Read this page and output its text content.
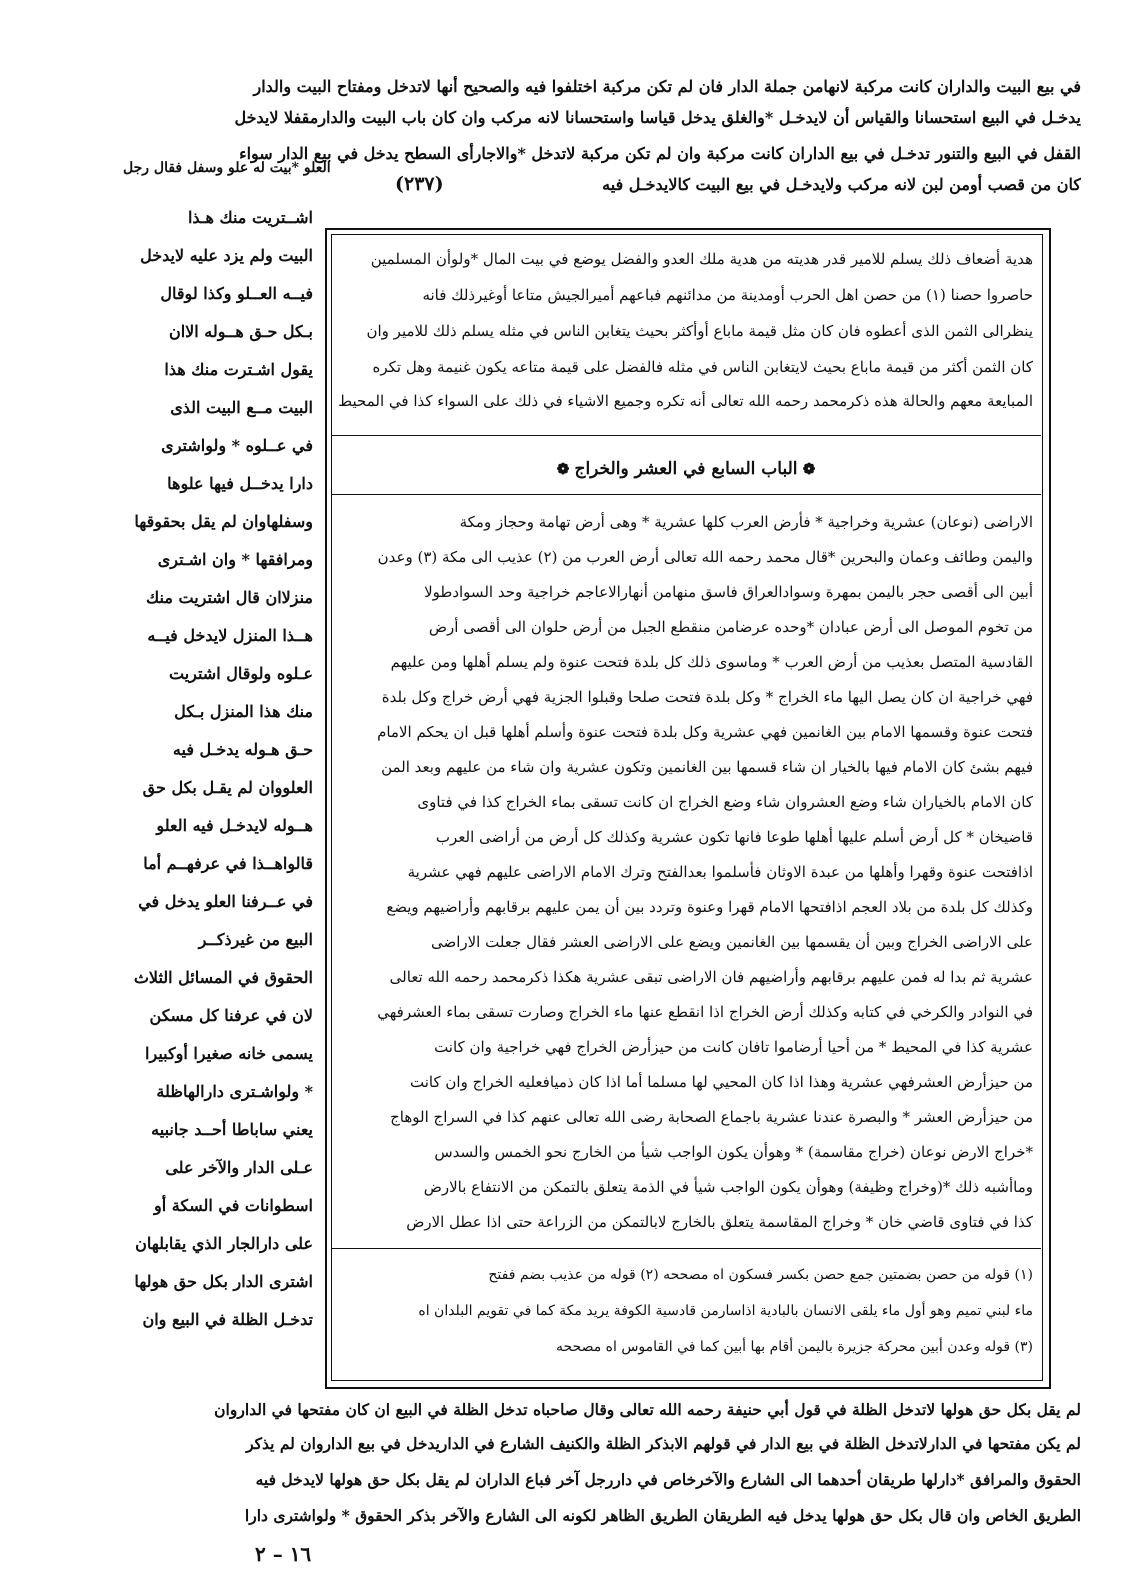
في بيع البيت والداران كانت مركبة لانهامن جملة الدار فان لم تكن مركبة اختلفوا فيه والصحيح أنها لاتدخل ومفتاح البيت والدار
يدخـل في البيع استحسانا والقياس أن لايدخـل *والغلق يدخل قياسا واستحسانا لانه مركب وان كان باب البيت والدارمقفلا لايدخل
القفل في البيع والتنور تدخـل في بيع الداران كانت مركبة وان لم تكن مركبة لاتدخل *والاجارأى السطح يدخل في بيع الدار سواء
كان من قصب أومن لبن لانه مركب ولايدخـل في بيع البيت كالايدخـل فيه
العلو *بيت له علو وسفل فقال رجل
(٢٣٧)
هدية أضعاف ذلك يسلم للامير قدر هديته من هدية ملك العدو والفضل يوضع في بيت المال *ولوأن المسلمين
حاصروا حصنا (١) من حصن اهل الحرب أومدينة من مدائنهم فباعهم أميرالجيش متاعا أوغيرذلك فانه
ينظرالى الثمن الذى أعطوه فان كان مثل قيمة ماباع أوأكثر بحيث يتغابن الناس في مثله يسلم ذلك للامير وان
كان الثمن أكثر من قيمة ماباع بحيث لايتغابن الناس في مثله فالفضل على قيمة متاعه يكون غنيمة وهل تكره
المبايعة معهم والحالة هذه ذكرمحمد رحمه الله تعالى أنه تكره وجميع الاشياء في ذلك على السواء كذا في المحيط
❁ الباب السابع في العشر والخراج ❁
الاراضى (نوعان) عشرية وخراجية * فأرض العرب كلها عشرية * وهى أرض تهامة وحجاز ومكة
واليمن وطائف وعمان والبحرين *قال محمد رحمه الله تعالى أرض العرب من (٢) عذيب الى مكة (٣) وعدن
أبين الى أقصى حجر باليمن بمهرة وسوادالعراق فاسق منهامن أنهارالاعاجم خراجية وحد السوادطولا
من تخوم الموصل الى أرض عبادان *وحده عرضامن منقطع الجبل من أرض حلوان الى أقصى أرض
القادسية المتصل بعذيب من أرض العرب * وماسوى ذلك كل بلدة فتحت عنوة ولم يسلم أهلها ومن عليهم
فهي خراجية ان كان يصل اليها ماء الخراج * وكل بلدة فتحت صلحا وقبلوا الجزية فهي أرض خراج وكل بلدة
فتحت عنوة وقسمها الامام بين الغانمين فهي عشرية وكل بلدة فتحت عنوة وأسلم أهلها قبل ان يحكم الامام
فيهم بشئ كان الامام فيها بالخيار ان شاء قسمها بين الغانمين وتكون عشرية وان شاء من عليهم وبعد المن
كان الامام بالخياران شاء وضع العشروان شاء وضع الخراج ان كانت تسقى بماء الخراج كذا في فتاوى
قاضيخان * كل أرض أسلم عليها أهلها طوعا فانها تكون عشرية وكذلك كل أرض من أراضى العرب
اذافتحت عنوة وقهرا وأهلها من عبدة الاوثان فأسلموا بعدالفتح وترك الامام الاراضى عليهم فهي عشرية
وكذلك كل بلدة من بلاد العجم اذافتحها الامام قهرا وعنوة وتردد بين أن يمن عليهم برقابهم وأراضيهم ويضع
على الاراضى الخراج وبين أن يقسمها بين الغانمين ويضع على الاراضى العشر فقال جعلت الاراضى
عشرية ثم بدا له فمن عليهم برقابهم وأراضيهم فان الاراضى تبقى عشرية هكذا ذكرمحمد رحمه الله تعالى
في النوادر والكرخي في كتابه وكذلك أرض الخراج اذا انقطع عنها ماء الخراج وصارت تسقى بماء العشرفهي
عشرية كذا في المحيط * من أحيا أرضاموا تافان كانت من حيزأرض الخراج فهي خراجية وان كانت
من حيزأرض العشرفهي عشرية وهذا اذا كان المحيي لها مسلما أما اذا كان ذميافعليه الخراج وان كانت
من حيزأرض العشر * والبصرة عندنا عشرية باجماع الصحابة رضى الله تعالى عنهم كذا في السراج الوهاج
*خراج الارض نوعان (خراج مقاسمة) * وهوأن يكون الواجب شيأ من الخارج نحو الخمس والسدس
وماأشبه ذلك *(وخراج وظيفة) وهوأن يكون الواجب شيأ في الذمة يتعلق بالتمكن من الانتفاع بالارض
كذا في فتاوى قاضي خان * وخراج المقاسمة يتعلق بالخارج لابالتمكن من الزراعة حتى اذا عطل الارض
(١) قوله من حصن بضمتين جمع حصن بكسر فسكون اه مصححه (٢) قوله من عذيب بضم ففتح
ماء لبني تميم وهو أول ماء يلقى الانسان بالبادية اذاسارمن قادسية الكوفة يريد مكة كما في تقويم البلدان اه
(٣) قوله وعدن أبين محركة جزيرة باليمن أقام بها أبين كما في القاموس اه مصححه
اشــتريت منك هـذا
البيت ولم يزد عليه لايدخل
فيــه العــلو وكذا لوقال
بـكل حـق هــوله الاان
يقول اشـترت منك هذا
البيت مــع البيت الذى
في عــلوه * ولواشترى
دارا يدخــل فيها علوها
وسفلهاوان لم يقل بحقوقها
ومرافقها * وان اشـترى
منزلاان قال اشتريت منك
هــذا المنزل لايدخل فيــه
عـلوه ولوقال اشتريت
منك هذا المنزل بـكل
حـق هـوله يدخـل فيه
العلووان لم يقـل بكل حق
هــوله لايدخـل فيه العلو
قالواهــذا في عرفهــم أما
في عــرفنا العلو يدخل في
البيع من غيرذكــر
الحقوق في المسائل الثلاث
لان في عرفنا كل مسكن
يسمى خانه صغيرا أوكبيرا
* ولواشـترى دارالهاظلة
يعني ساباطا أحــد جانبيه
عـلى الدار والآخر على
اسطوانات في السكة أو
على دارالجار الذي يقابلهان
اشترى الدار بكل حق هولها
تدخـل الظلة في البيع وان
لم يقل بكل حق هولها لاتدخل الظلة في قول أبي حنيفة رحمه الله تعالى وقال صاحباه تدخل الظلة في البيع ان كان مفتحها في الداروان
لم يكن مفتحها في الدارلاتدخل الظلة في بيع الدار في قولهم الابذكر الظلة والكنيف الشارع في الداريدخل في بيع الداروان لم يذكر
الحقوق والمرافق *دارلها طريقان أحدهما الى الشارع والآخرخاص في داررجل آخر فباع الداران لم يقل بكل حق هولها لايدخل فيه
الطريق الخاص وان قال بكل حق هولها يدخل فيه الطريقان الطريق الظاهر لكونه الى الشارع والآخر بذكر الحقوق * ولواشترى دارا
١٦ – ٢
